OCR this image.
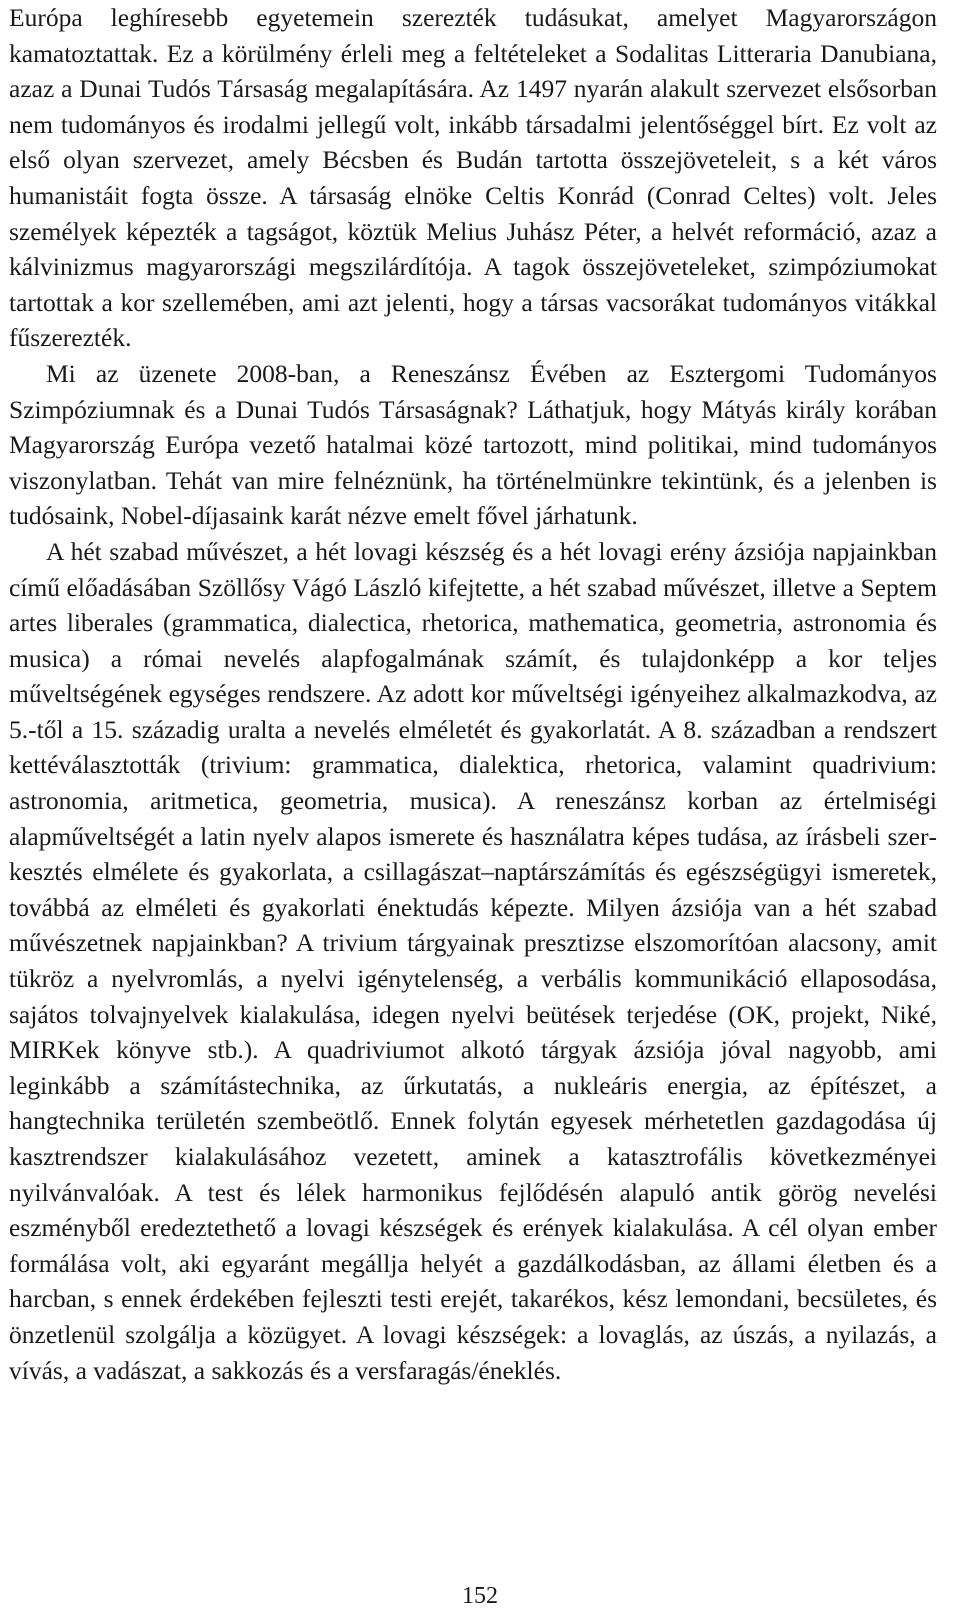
Európa leghíresebb egyetemein szerezték tudásukat, amelyet Magyarországon kamatoztattak. Ez a körülmény érleli meg a feltételeket a Sodalitas Litteraria Danubiana, azaz a Dunai Tudós Társaság megalapítására. Az 1497 nyarán alakult szervezet elsősorban nem tudományos és irodalmi jellegű volt, inkább társadalmi jelentőséggel bírt. Ez volt az első olyan szervezet, amely Bécsben és Budán tartotta összejöveteleit, s a két város humanistáit fogta össze. A társaság elnöke Celtis Konrád (Conrad Celtes) volt. Jeles személyek képezték a tagságot, köztük Melius Juhász Péter, a helvét reformáció, azaz a kálvinizmus magyarországi megszilárdítója. A tagok összejöveteleket, szimpóziumokat tartottak a kor szellemében, ami azt jelenti, hogy a társas vacsorákat tudományos vitákkal fűszerezték.

Mi az üzenete 2008-ban, a Reneszánsz Évében az Esztergomi Tudományos Szimpóziumnak és a Dunai Tudós Társaságnak? Láthatjuk, hogy Mátyás király korában Magyarország Európa vezető hatalmai közé tartozott, mind politikai, mind tudományos viszonylatban. Tehát van mire felnéznünk, ha történelmünkre tekintünk, és a jelenben is tudósaink, Nobel-díjasaink karát nézve emelt fővel járhatunk.

A hét szabad művészet, a hét lovagi készség és a hét lovagi erény ázsiója napjainkban című előadásában Szöllősy Vágó László kifejtette, a hét szabad művészet, illetve a Septem artes liberales (grammatica, dialectica, rhetorica, mathematica, geometria, astronomia és musica) a római nevelés alapfogalmának számít, és tulajdonképp a kor teljes műveltségének egységes rendszere. Az adott kor műveltségi igényeihez alkalmazkodva, az 5.-től a 15. századig uralta a nevelés elméletét és gyakorlatát. A 8. században a rendszert kettéválasztották (trivium: grammatica, dialektica, rhetorica, valamint quadrivium: astronomia, aritmetica, geometria, musica). A reneszánsz korban az értelmiségi alapműveltségét a latin nyelv alapos ismerete és használatra képes tudása, az írásbeli szerkesztés elmélete és gyakorlata, a csillagászat–naptárszámítás és egészségügyi ismeretek, továbbá az elméleti és gyakorlati énektudás képezte. Milyen ázsiója van a hét szabad művészetnek napjainkban? A trivium tárgyainak presztizse elszomorítóan alacsony, amit tükröz a nyelvromlás, a nyelvi igénytelenség, a verbális kommunikáció ellaposodása, sajátos tolvajnyelvek kialakulása, idegen nyelvi beütések terjedése (OK, projekt, Niké, MIRKek könyve stb.). A quadriviumot alkotó tárgyak ázsiója jóval nagyobb, ami leginkább a számítástechnika, az űrkutatás, a nukleáris energia, az építészet, a hangtechnika területén szembeötlő. Ennek folytán egyesek mérhetetlen gazdagodása új kasztrendszer kialakulásához vezetett, aminek a katasztrofális következményei nyilvánvalóak. A test és lélek harmonikus fejlődésén alapuló antik görög nevelési eszményből eredeztethető a lovagi készségek és erények kialakulása. A cél olyan ember formálása volt, aki egyaránt megállja helyét a gazdálkodásban, az állami életben és a harcban, s ennek érdekében fejleszti testi erejét, takarékos, kész lemondani, becsületes, és önzetlenül szolgálja a közügyet. A lovagi készségek: a lovaglás, az úszás, a nyilazás, a vívás, a vadászat, a sakkozás és a versfaragás/éneklés.

152
